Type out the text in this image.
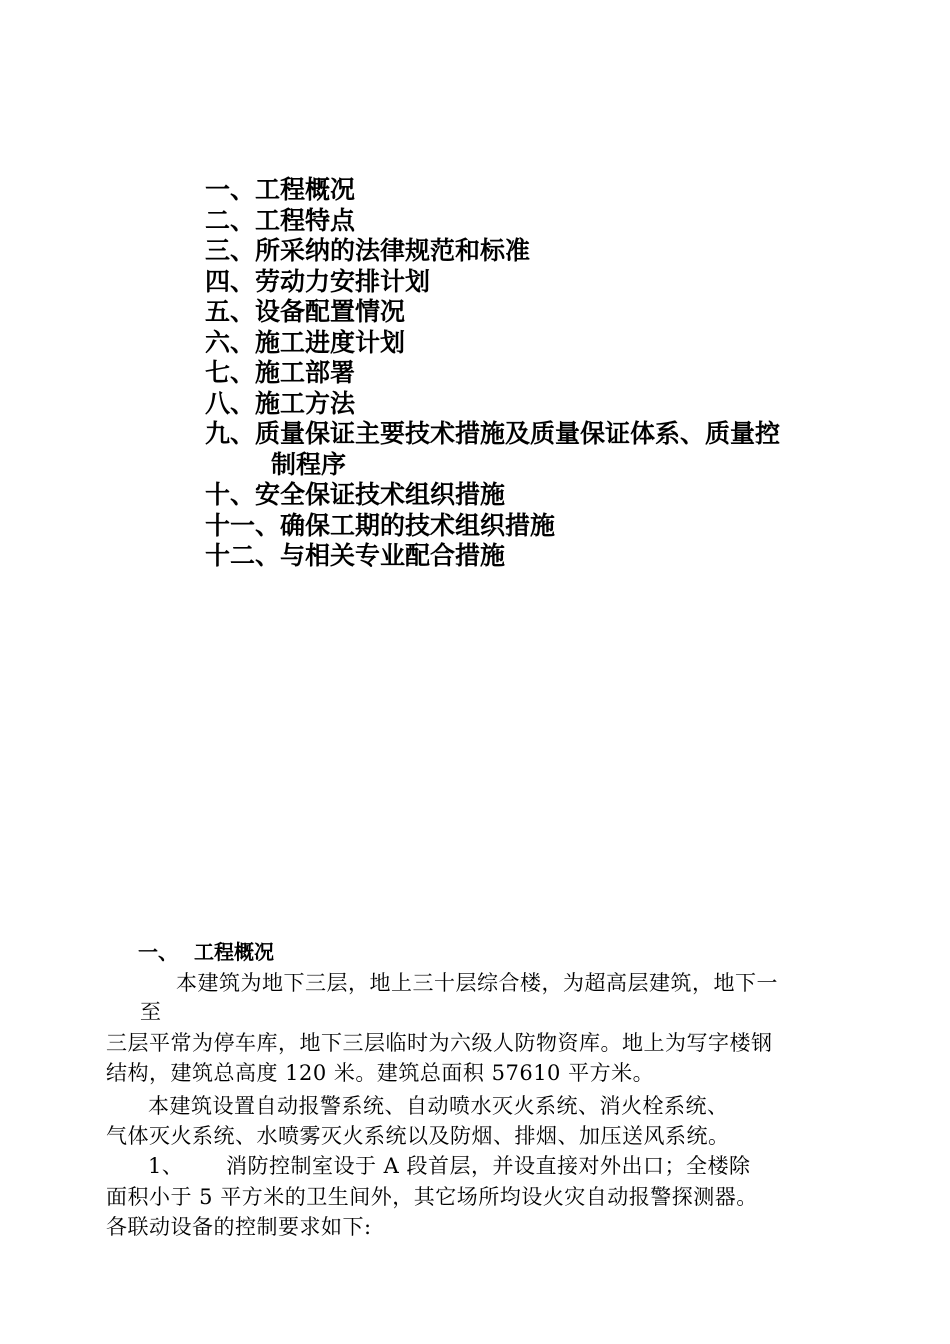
一、工程概况
二、工程特点
三、所采纳的法律规范和标准
四、劳动力安排计划
五、设备配置情况
六、施工进度计划
七、施工部署
八、施工方法
九、质量保证主要技术措施及质量保证体系、质量控
制程序
十、安全保证技术组织措施
十一、确保工期的技术组织措施
十二、与相关专业配合措施
一、 工程概况
本建筑为地下三层，地上三十层综合楼，为超高层建筑，地下一
至
三层平常为停车库，地下三层临时为六级人防物资库。地上为写字楼钢
结构，建筑总高度 120 米。建筑总面积 57610 平方米。
本建筑设置自动报警系统、自动喷水灭火系统、消火栓系统、
气体灭火系统、水喷雾灭火系统以及防烟、排烟、加压送风系统。
1、 消防控制室设于 A 段首层，并设直接对外出口；全楼除
面积小于 5 平方米的卫生间外，其它场所均设火灾自动报警探测器。
各联动设备的控制要求如下:
